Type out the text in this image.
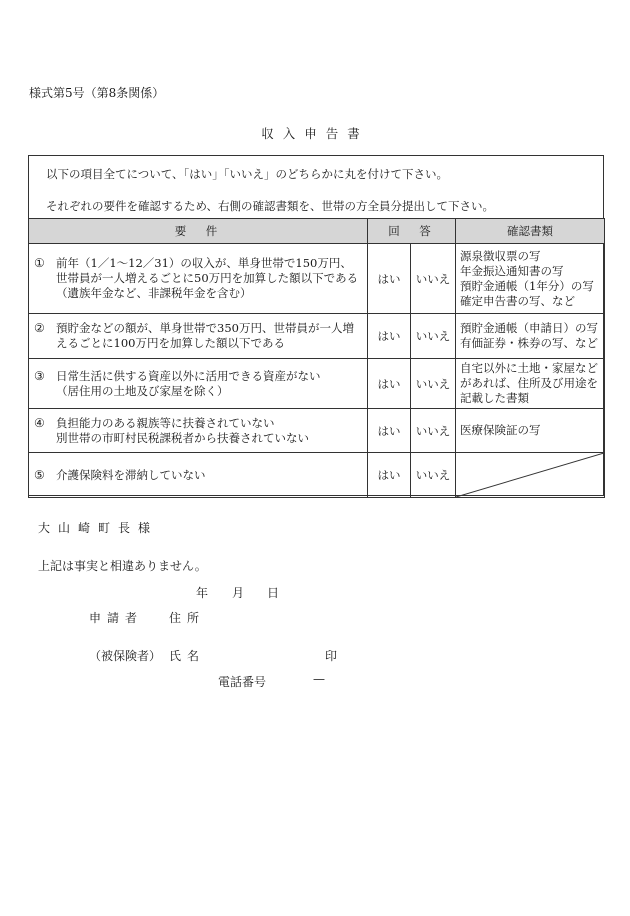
様式第5号（第8条関係）
収入申告書
以下の項目全てについて、「はい」「いいえ」のどちらかに丸を付けて下さい。
それぞれの要件を確認するため、右側の確認書類を、世帯の方全員分提出して下さい。
要　件	回　答		確認書類

① 前年（1／1〜12／31）の収入が、単身世帯で150万円、世帯員が一人増えるごとに50万円を加算した額以下である（遺族年金など、非課税年金を含む）	はい	いいえ	源泉徴収票の写
年金振込通知書の写
預貯金通帳（1年分）の写
確定申告書の写、など

② 預貯金などの額が、単身世帯で350万円、世帯員が一人増えるごとに100万円を加算した額以下である	はい	いいえ	預貯金通帳（申請日）の写
有価証券・株券の写、など

③ 日常生活に供する資産以外に活用できる資産がない
（居住用の土地及び家屋を除く）	はい	いいえ	自宅以外に土地・家屋などがあれば、住所及び用途を記載した書類

④ 負担能力のある親族等に扶養されていない
別世帯の市町村民税課税者から扶養されていない	はい	いいえ	医療保険証の写

⑤ 介護保険料を滞納していない	はい	いいえ	
大山崎町長様
上記は事実と相違ありません。
年 月 日
申請者 住所
（被保険者） 氏名	印
電話番号	—
